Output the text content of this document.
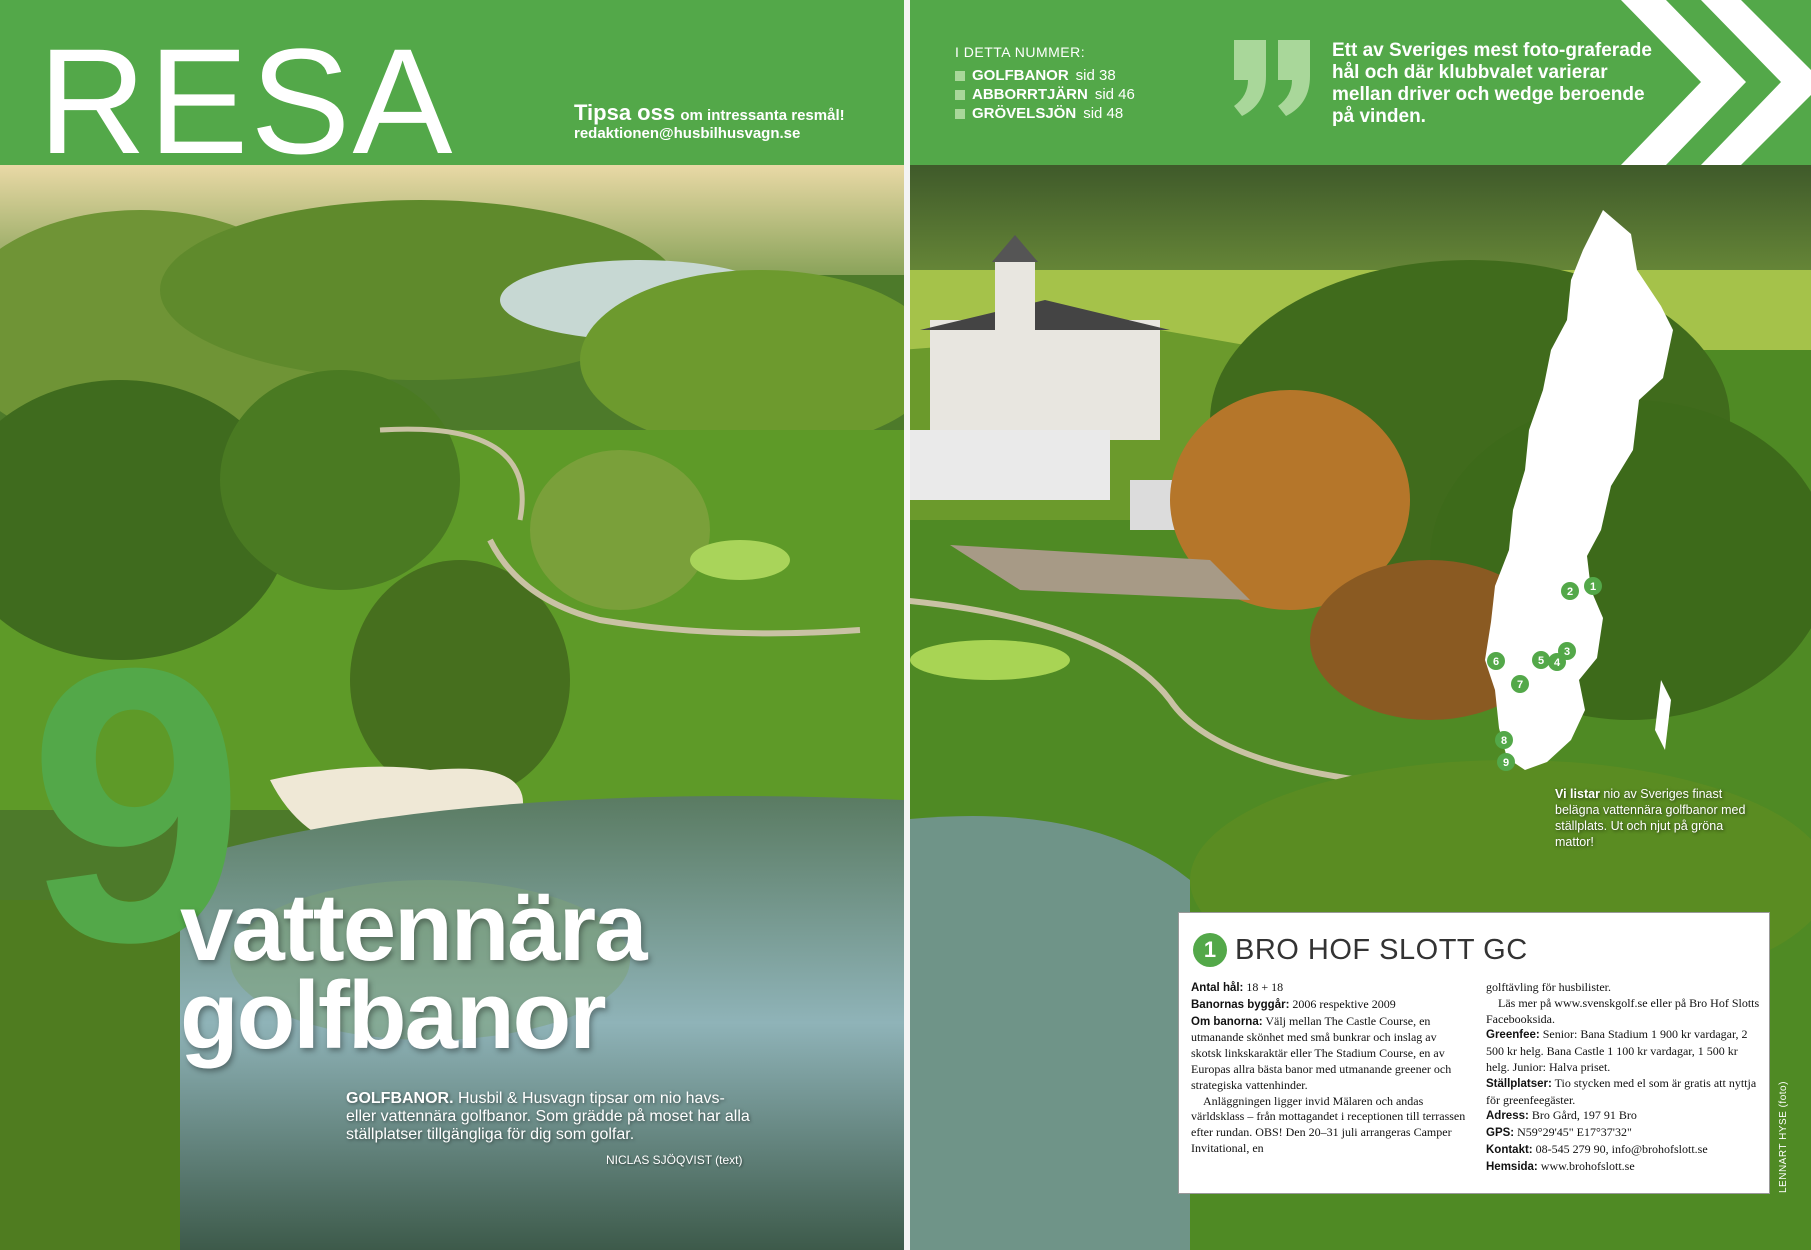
RESA	Tipsa oss om intressanta resmål!
redaktionen@husbilhusvagn.se
9
vattennära
golfbanor
GOLFBANOR. Husbil & Husvagn tipsar om nio havs- eller vattennära golfbanor. Som grädde på moset har alla ställplatser tillgängliga för dig som golfar.
NICLAS SJÖQVIST (text)
I DETTA NUMMER:
GOLFBANOR sid 38
ABBORRTJÄRN sid 46
GRÖVELSJÖN sid 48
Ett av Sveriges mest foto-graferade hål och där klubbvalet varierar mellan driver och wedge beroende på vinden.
1
2
3
4
5
6
7
8
9
Vi listar nio av Sveriges finast belägna vattennära golfbanor med ställplats. Ut och njut på gröna mattor!
1 BRO HOF SLOTT GC

Antal hål: 18 + 18

Banornas byggår: 2006 respektive 2009

Om banorna: Välj mellan The Castle Course, en utmanande skönhet med små bunkrar och inslag av skotsk linkskaraktär eller The Stadium Course, en av Europas allra bästa banor med utmanande greener och strategiska vattenhinder.

Anläggningen ligger invid Mälaren och andas världsklass – från mottagandet i receptionen till terrassen efter rundan. OBS! Den 20–31 juli arrangeras Camper Invitational, en

golftävling för husbilister.

Läs mer på www.svenskgolf.se eller på Bro Hof Slotts Facebooksida.

Greenfee: Senior: Bana Stadium 1 900 kr vardagar, 2 500 kr helg. Bana Castle 1 100 kr vardagar, 1 500 kr helg. Junior: Halva priset.

Ställplatser: Tio stycken med el som är gratis att nyttja för greenfeegäster.

Adress: Bro Gård, 197 91 Bro

GPS: N59°29'45" E17°37'32"

Kontakt: 08-545 279 90, info@brohofslott.se

Hemsida: www.brohofslott.se	LENNART HYSE (foto)
